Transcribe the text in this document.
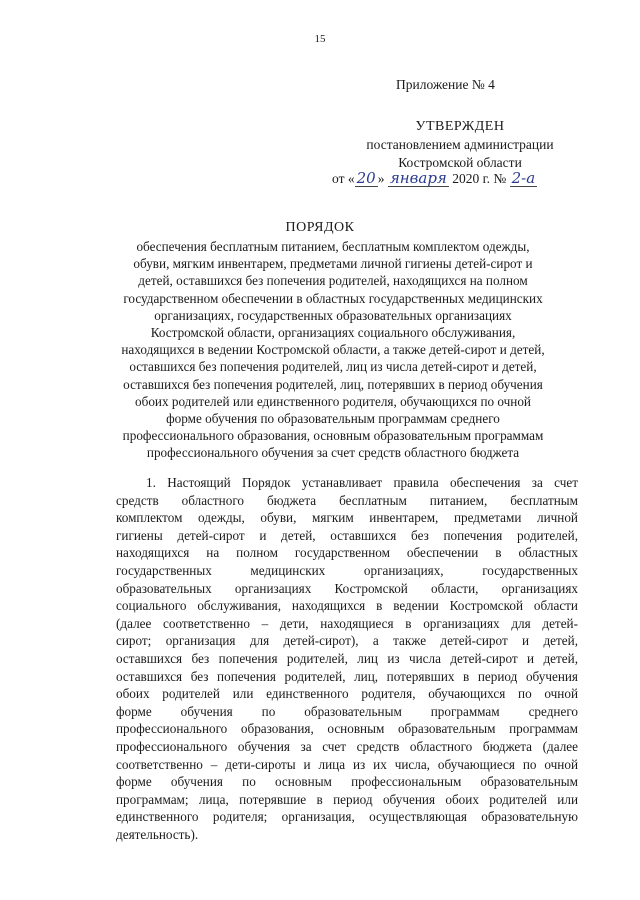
15
Приложение № 4
УТВЕРЖДЕН
постановлением администрации
Костромской области
от « 20 » января 2020 г. № 2-а
ПОРЯДОК
обеспечения бесплатным питанием, бесплатным комплектом одежды,
обуви, мягким инвентарем, предметами личной гигиены детей-сирот и
детей, оставшихся без попечения родителей, находящихся на полном
государственном обеспечении в областных государственных медицинских
организациях, государственных образовательных организациях
Костромской области, организациях социального обслуживания,
находящихся в ведении Костромской области, а также детей-сирот и детей,
оставшихся без попечения родителей, лиц из числа детей-сирот и детей,
оставшихся без попечения родителей, лиц, потерявших в период обучения
обоих родителей или единственного родителя, обучающихся по очной
форме обучения по образовательным программам среднего
профессионального образования, основным образовательным программам
профессионального обучения за счет средств областного бюджета
1. Настоящий Порядок устанавливает правила обеспечения за счет
средств областного бюджета бесплатным питанием, бесплатным
комплектом одежды, обуви, мягким инвентарем, предметами личной
гигиены детей-сирот и детей, оставшихся без попечения родителей,
находящихся на полном государственном обеспечении в областных
государственных медицинских организациях, государственных
образовательных организациях Костромской области, организациях
социального обслуживания, находящихся в ведении Костромской области
(далее соответственно – дети, находящиеся в организациях для детей-
сирот; организация для детей-сирот), а также детей-сирот и детей,
оставшихся без попечения родителей, лиц из числа детей-сирот и детей,
оставшихся без попечения родителей, лиц, потерявших в период обучения
обоих родителей или единственного родителя, обучающихся по очной
форме обучения по образовательным программам среднего
профессионального образования, основным образовательным программам
профессионального обучения за счет средств областного бюджета (далее
соответственно – дети-сироты и лица из их числа, обучающиеся по очной
форме обучения по основным профессиональным образовательным
программам; лица, потерявшие в период обучения обоих родителей или
единственного родителя; организация, осуществляющая образовательную
деятельность).
